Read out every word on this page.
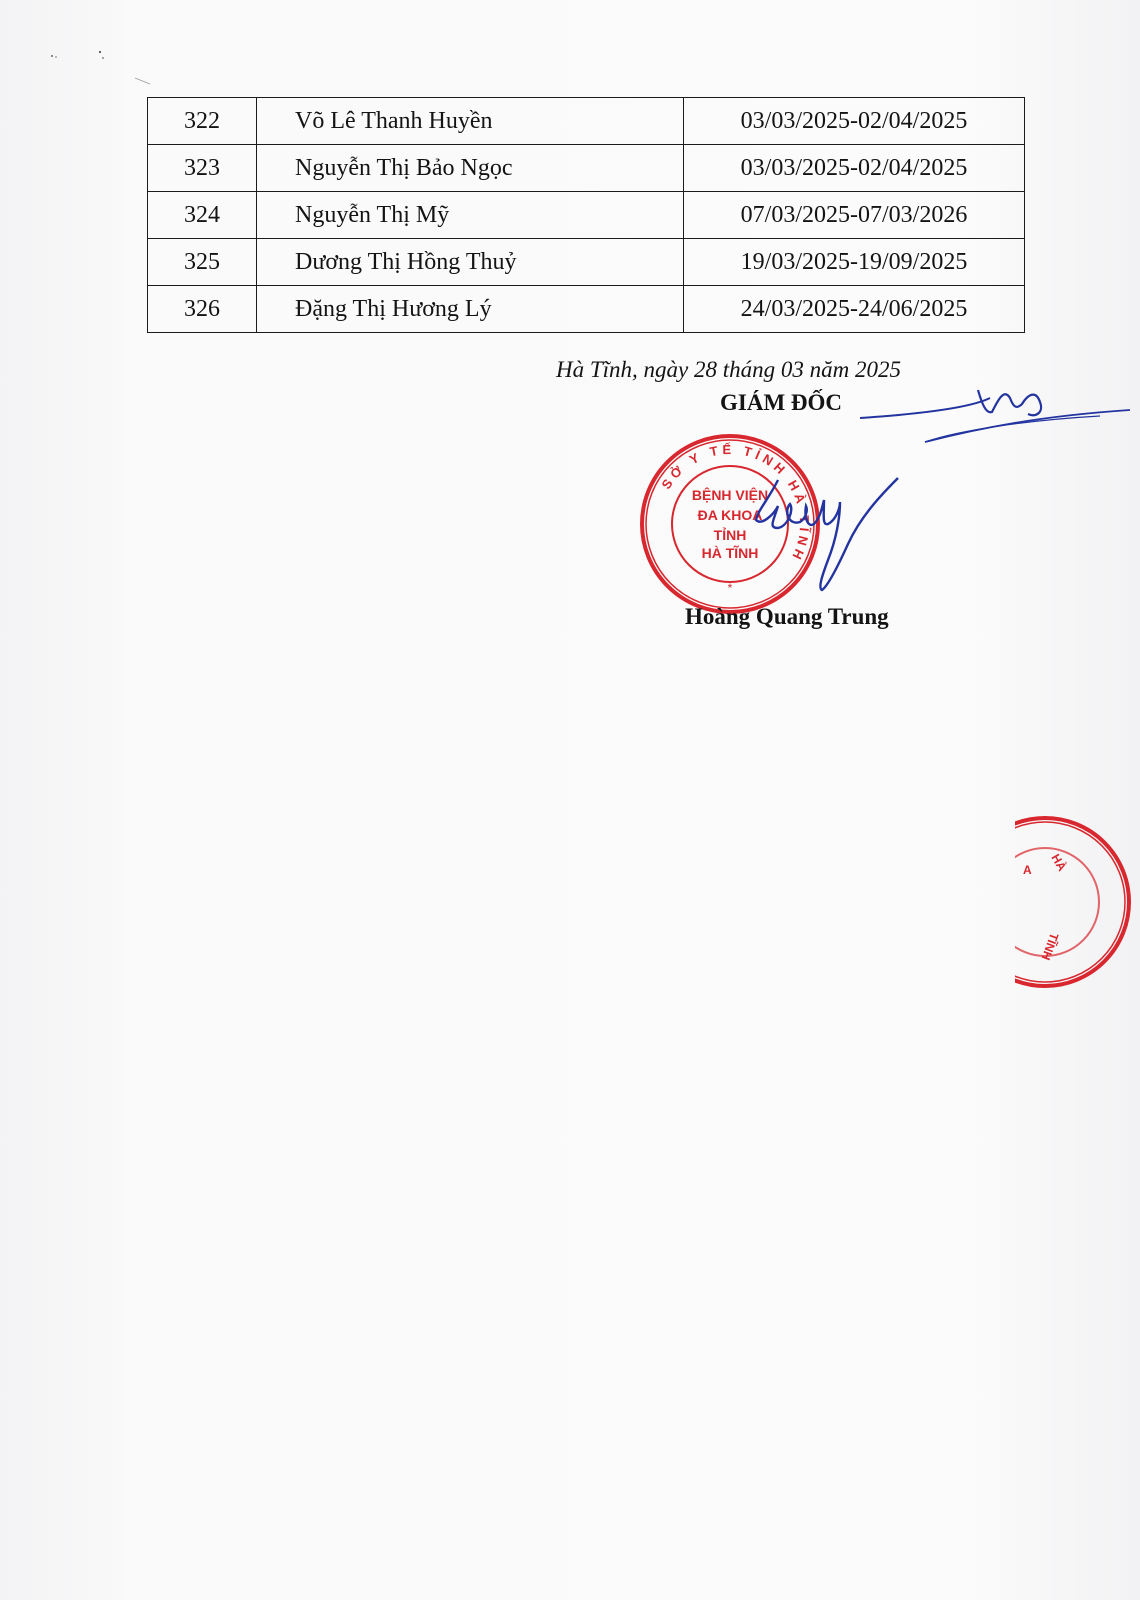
322	Võ Lê Thanh Huyền	03/03/2025-02/04/2025
323	Nguyễn Thị Bảo Ngọc	03/03/2025-02/04/2025
324	Nguyễn Thị Mỹ	07/03/2025-07/03/2026
325	Dương Thị Hồng Thuỷ	19/03/2025-19/09/2025
326	Đặng Thị Hương Lý	24/03/2025-24/06/2025
Hà Tĩnh, ngày 28 tháng 03 năm 2025
GIÁM ĐỐC
SỞ Y TẾ TỈNH HÀ TĨNH
BỆNH VIỆN
ĐA KHOA
TỈNH
HÀ TĨNH
*
Hoàng Quang Trung
HÀ
TĨNH
A
